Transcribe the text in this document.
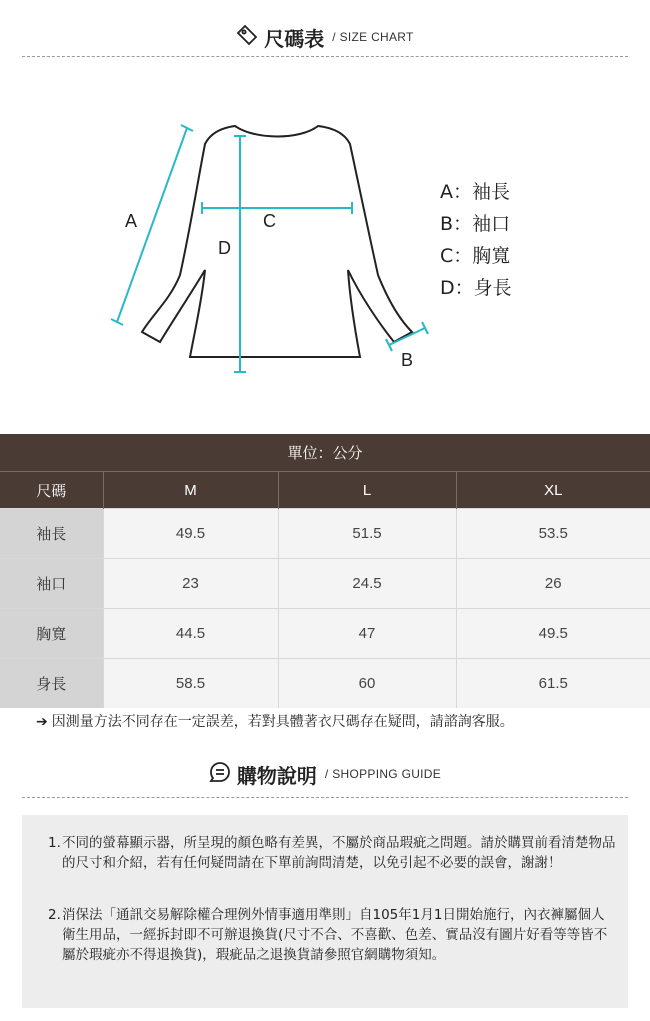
尺碼表 / SIZE CHART
A	C
D
B
A：袖長
B：袖口
C：胸寬
D：身長
單位：公分
尺碼	M	L	XL
袖長	49.5	51.5	53.5
袖口	23	24.5	26
胸寬	44.5	47	49.5
身長	58.5	60	61.5
➔ 因測量方法不同存在一定誤差，若對具體著衣尺碼存在疑問，請諮詢客服。
購物說明 / SHOPPING GUIDE
1. 不同的螢幕顯示器，所呈現的顏色略有差異，不屬於商品瑕疵之問題。請於購買前看清楚物品的尺寸和介紹，若有任何疑問請在下單前詢問清楚，以免引起不必要的誤會，謝謝！
2. 消保法「通訊交易解除權合理例外情事適用準則」自105年1月1日開始施行，內衣褲屬個人衛生用品，一經拆封即不可辦退換貨(尺寸不合、不喜歡、色差、實品沒有圖片好看等等皆不屬於瑕疵亦不得退換貨)，瑕疵品之退換貨請參照官網購物須知。
